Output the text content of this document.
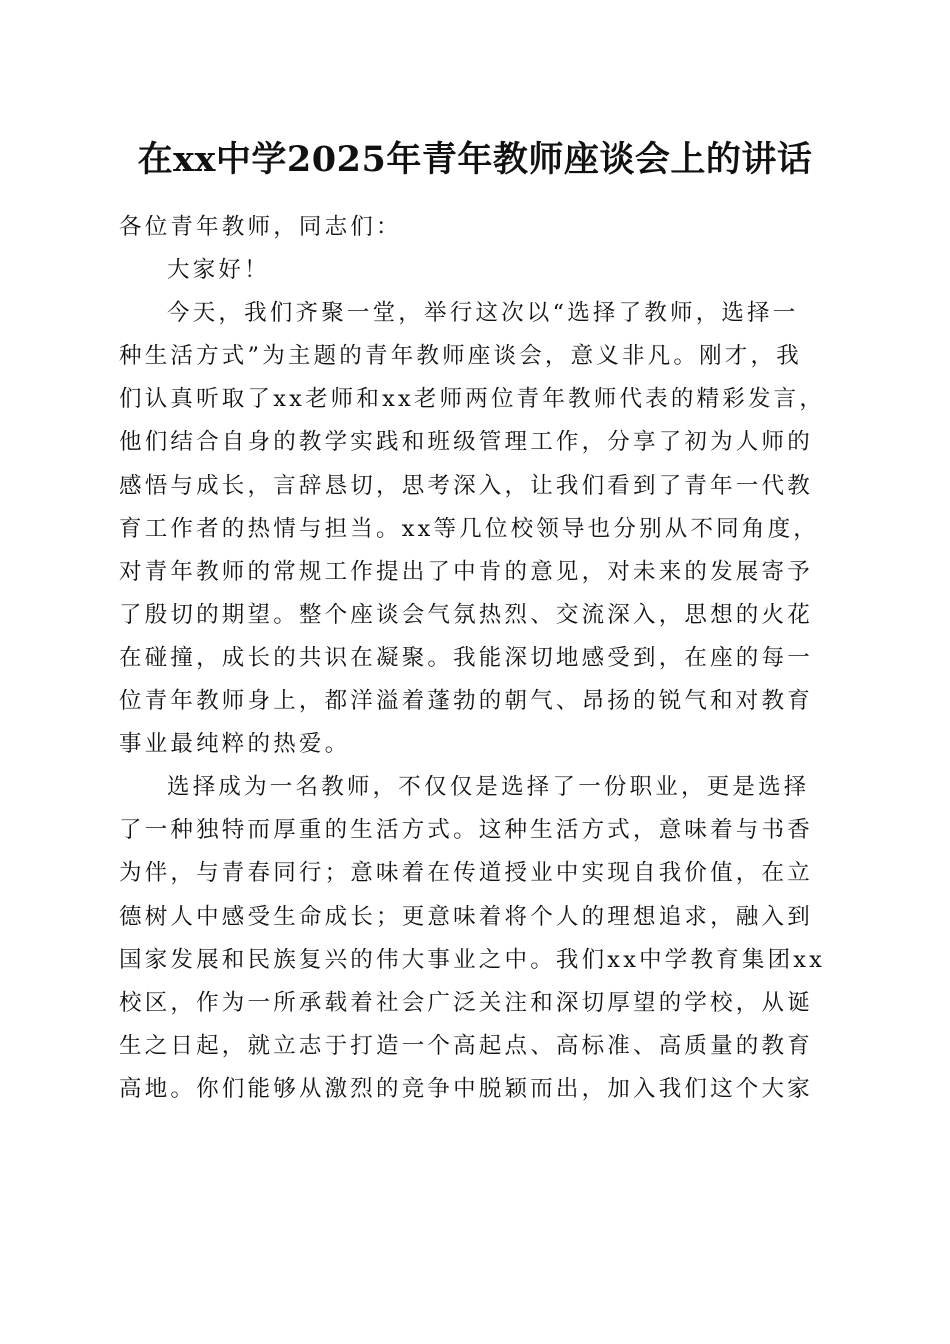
在xx中学2025年青年教师座谈会上的讲话
各位青年教师，同志们：
大家好！
今天，我们齐聚一堂，举行这次以“选择了教师，选择一
种生活方式”为主题的青年教师座谈会，意义非凡。刚才，我
们认真听取了xx老师和xx老师两位青年教师代表的精彩发言，
他们结合自身的教学实践和班级管理工作，分享了初为人师的
感悟与成长，言辞恳切，思考深入，让我们看到了青年一代教
育工作者的热情与担当。xx等几位校领导也分别从不同角度，
对青年教师的常规工作提出了中肯的意见，对未来的发展寄予
了殷切的期望。整个座谈会气氛热烈、交流深入，思想的火花
在碰撞，成长的共识在凝聚。我能深切地感受到，在座的每一
位青年教师身上，都洋溢着蓬勃的朝气、昂扬的锐气和对教育
事业最纯粹的热爱。
选择成为一名教师，不仅仅是选择了一份职业，更是选择
了一种独特而厚重的生活方式。这种生活方式，意味着与书香
为伴，与青春同行；意味着在传道授业中实现自我价值，在立
德树人中感受生命成长；更意味着将个人的理想追求，融入到
国家发展和民族复兴的伟大事业之中。我们xx中学教育集团xx
校区，作为一所承载着社会广泛关注和深切厚望的学校，从诞
生之日起，就立志于打造一个高起点、高标准、高质量的教育
高地。你们能够从激烈的竞争中脱颖而出，加入我们这个大家
